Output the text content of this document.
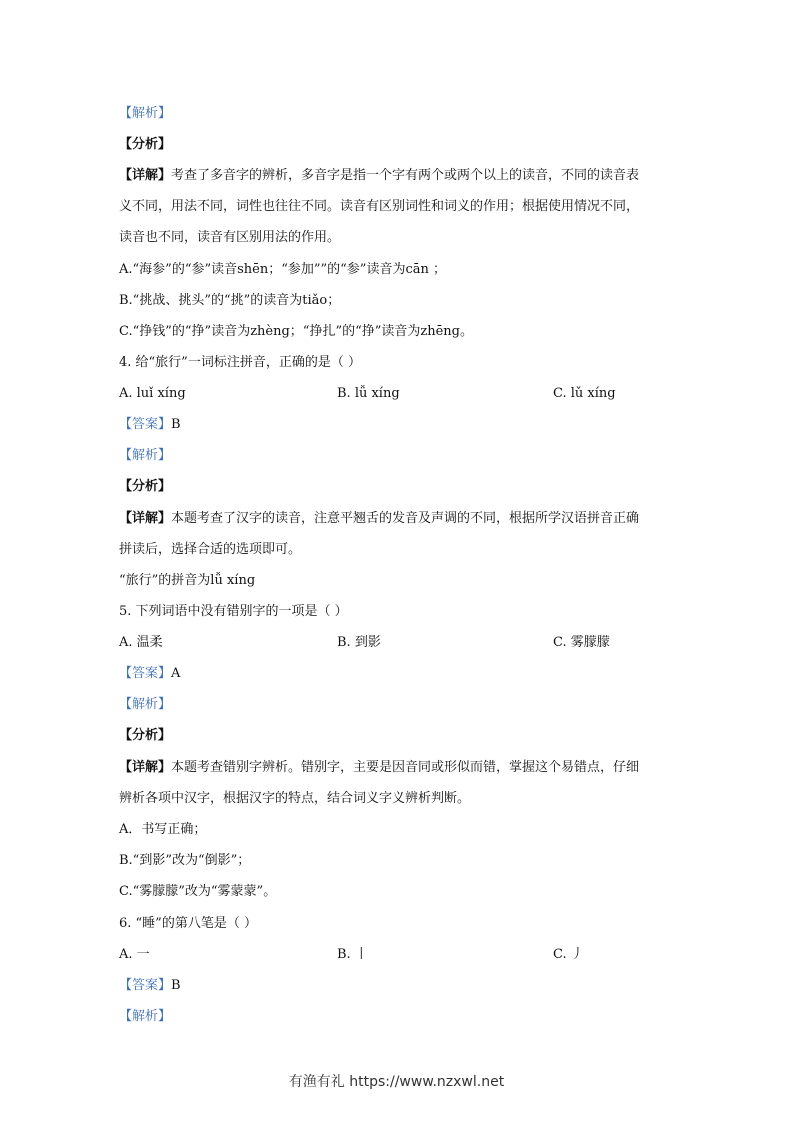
【解析】
【分析】
【详解】考查了多音字的辨析，多音字是指一个字有两个或两个以上的读音，不同的读音表
义不同，用法不同，词性也往往不同。读音有区别词性和词义的作用；根据使用情况不同，
读音也不同，读音有区别用法的作用。
A.“海参”的“参”读音shēn；“参加””的“参”读音为cān ；
B.“挑战、挑头”的“挑”的读音为tiǎo；
C.“挣钱”的“挣”读音为zhèng；“挣扎”的“挣”读音为zhēng。
4. 给“旅行”一词标注拼音，正确的是（ ）
A. luǐ xíng	B. lǚ xíng	C. lǔ xíng
【答案】B
【解析】
【分析】
【详解】本题考查了汉字的读音，注意平翘舌的发音及声调的不同，根据所学汉语拼音正确
拼读后，选择合适的选项即可。
“旅行”的拼音为lǚ xíng
5. 下列词语中没有错别字的一项是（ ）
A. 温柔	B. 到影	C. 雾朦朦
【答案】A
【解析】
【分析】
【详解】本题考查错别字辨析。错别字，主要是因音同或形似而错，掌握这个易错点，仔细
辨析各项中汉字，根据汉字的特点，结合词义字义辨析判断。
A．书写正确；
B.“到影”改为“倒影”；
C.“雾朦朦”改为“雾蒙蒙”。
6. “睡”的第八笔是（ ）
A. 一	B. 丨	C. 丿
【答案】B
【解析】
有渔有礼 https://www.nzxwl.net
